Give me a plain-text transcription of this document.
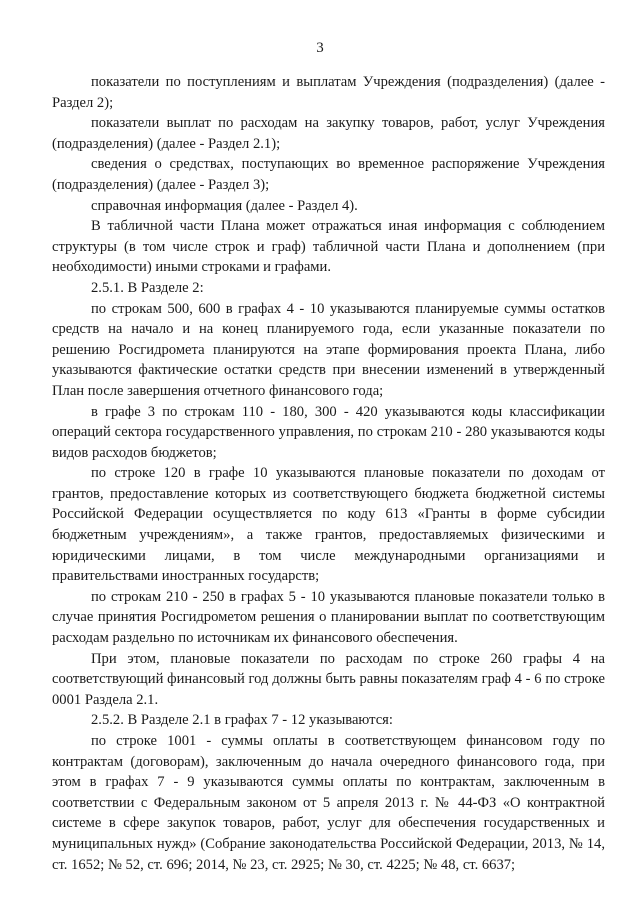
3

показатели по поступлениям и выплатам Учреждения (подразделения) (далее - Раздел 2);

показатели выплат по расходам на закупку товаров, работ, услуг Учреждения (подразделения) (далее - Раздел 2.1);

сведения о средствах, поступающих во временное распоряжение Учреждения (подразделения) (далее - Раздел 3);

справочная информация (далее - Раздел 4).

В табличной части Плана может отражаться иная информация с соблюдением структуры (в том числе строк и граф) табличной части Плана и дополнением (при необходимости) иными строками и графами.

2.5.1. В Разделе 2:

по строкам 500, 600 в графах 4 - 10 указываются планируемые суммы остатков средств на начало и на конец планируемого года, если указанные показатели по решению Росгидромета планируются на этапе формирования проекта Плана, либо указываются фактические остатки средств при внесении изменений в утвержденный План после завершения отчетного финансового года;

в графе 3 по строкам 110 - 180, 300 - 420 указываются коды классификации операций сектора государственного управления, по строкам 210 - 280 указываются коды видов расходов бюджетов;

по строке 120 в графе 10 указываются плановые показатели по доходам от грантов, предоставление которых из соответствующего бюджета бюджетной системы Российской Федерации осуществляется по коду 613 «Гранты в форме субсидии бюджетным учреждениям», а также грантов, предоставляемых физическими и юридическими лицами, в том числе международными организациями и правительствами иностранных государств;

по строкам 210 - 250 в графах 5 - 10 указываются плановые показатели только в случае принятия Росгидрометом решения о планировании выплат по соответствующим расходам раздельно по источникам их финансового обеспечения.

При этом, плановые показатели по расходам по строке 260 графы 4 на соответствующий финансовый год должны быть равны показателям граф 4 - 6 по строке 0001 Раздела 2.1.

2.5.2. В Разделе 2.1 в графах 7 - 12 указываются:

по строке 1001 - суммы оплаты в соответствующем финансовом году по контрактам (договорам), заключенным до начала очередного финансового года, при этом в графах 7 - 9 указываются суммы оплаты по контрактам, заключенным в соответствии с Федеральным законом от 5 апреля 2013 г. № 44-ФЗ «О контрактной системе в сфере закупок товаров, работ, услуг для обеспечения государственных и муниципальных нужд» (Собрание законодательства Российской Федерации, 2013, № 14, ст. 1652; № 52, ст. 696; 2014, № 23, ст. 2925; № 30, ст. 4225; № 48, ст. 6637;
